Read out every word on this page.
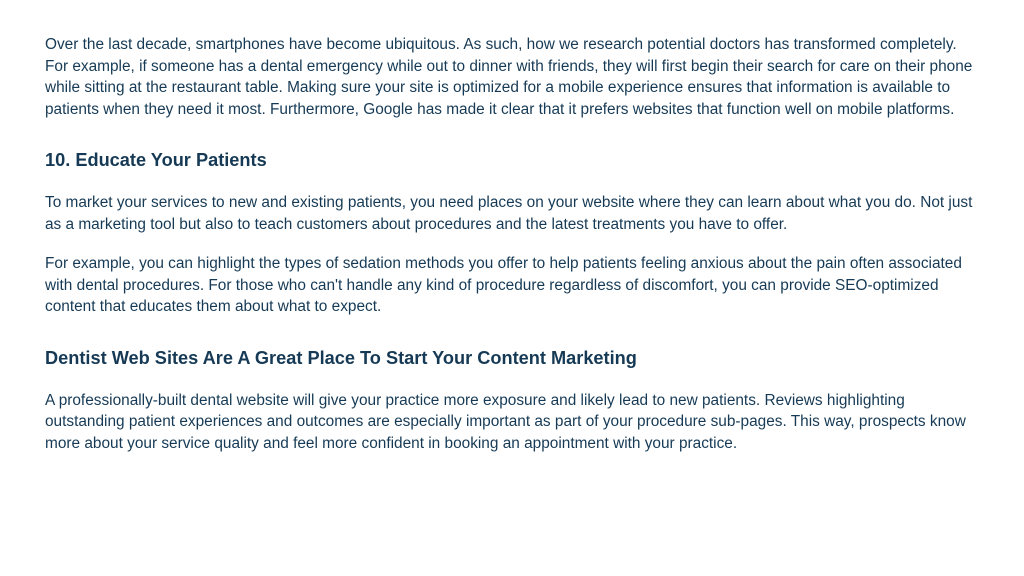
Over the last decade, smartphones have become ubiquitous. As such, how we research potential doctors has transformed completely. For example, if someone has a dental emergency while out to dinner with friends, they will first begin their search for care on their phone while sitting at the restaurant table. Making sure your site is optimized for a mobile experience ensures that information is available to patients when they need it most. Furthermore, Google has made it clear that it prefers websites that function well on mobile platforms.

10. Educate Your Patients

To market your services to new and existing patients, you need places on your website where they can learn about what you do. Not just as a marketing tool but also to teach customers about procedures and the latest treatments you have to offer.

For example, you can highlight the types of sedation methods you offer to help patients feeling anxious about the pain often associated with dental procedures. For those who can't handle any kind of procedure regardless of discomfort, you can provide SEO-optimized content that educates them about what to expect.

Dentist Web Sites Are A Great Place To Start Your Content Marketing

A professionally-built dental website will give your practice more exposure and likely lead to new patients. Reviews highlighting outstanding patient experiences and outcomes are especially important as part of your procedure sub-pages. This way, prospects know more about your service quality and feel more confident in booking an appointment with your practice.
